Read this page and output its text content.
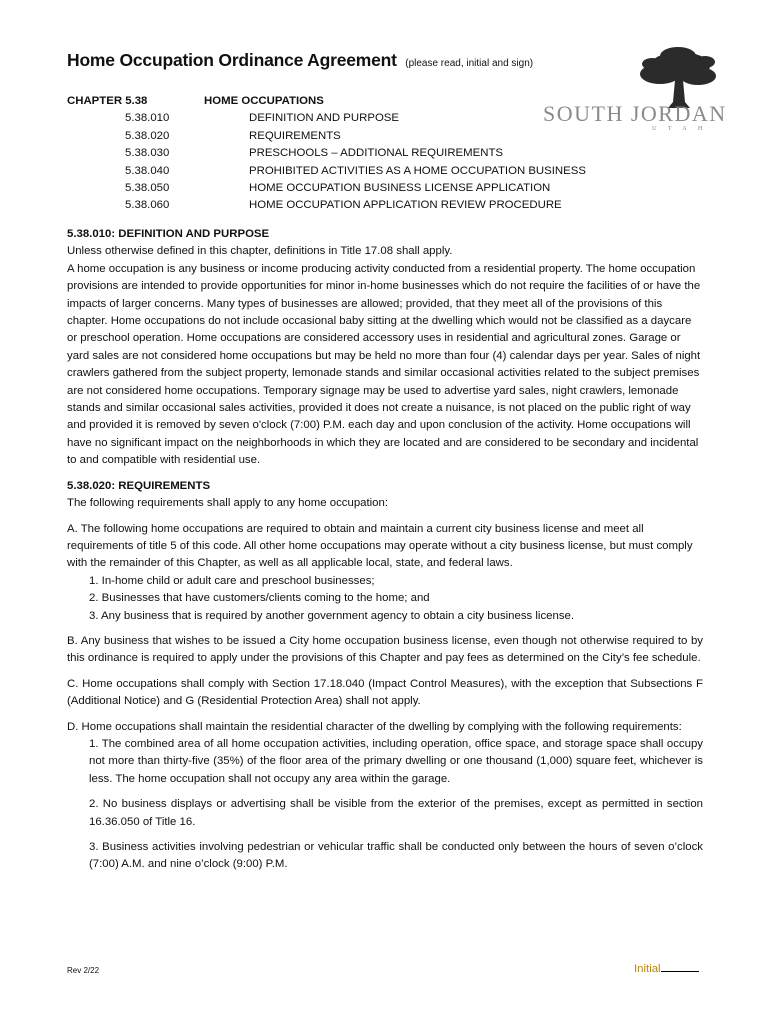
Home Occupation Ordinance Agreement (please read, initial and sign)
SOUTH JORDAN
UTAH
CHAPTER 5.38	HOME OCCUPATIONS
5.38.010	DEFINITION AND PURPOSE
5.38.020	REQUIREMENTS
5.38.030	PRESCHOOLS – ADDITIONAL REQUIREMENTS
5.38.040	PROHIBITED ACTIVITIES AS A HOME OCCUPATION BUSINESS
5.38.050	HOME OCCUPATION BUSINESS LICENSE APPLICATION
5.38.060	HOME OCCUPATION APPLICATION REVIEW PROCEDURE

5.38.010: DEFINITION AND PURPOSE

Unless otherwise defined in this chapter, definitions in Title 17.08 shall apply.

A home occupation is any business or income producing activity conducted from a residential property. The home occupation provisions are intended to provide opportunities for minor in-home businesses which do not require the facilities of or have the impacts of larger concerns. Many types of businesses are allowed; provided, that they meet all of the provisions of this chapter. Home occupations do not include occasional baby sitting at the dwelling which would not be classified as a daycare or preschool operation. Home occupations are considered accessory uses in residential and agricultural zones. Garage or yard sales are not considered home occupations but may be held no more than four (4) calendar days per year. Sales of night crawlers gathered from the subject property, lemonade stands and similar occasional activities related to the subject premises are not considered home occupations. Temporary signage may be used to advertise yard sales, night crawlers, lemonade stands and similar occasional sales activities, provided it does not create a nuisance, is not placed on the public right of way and provided it is removed by seven o'clock (7:00) P.M. each day and upon conclusion of the activity. Home occupations will have no significant impact on the neighborhoods in which they are located and are considered to be secondary and incidental to and compatible with residential use.

5.38.020: REQUIREMENTS

The following requirements shall apply to any home occupation:

A. The following home occupations are required to obtain and maintain a current city business license and meet all requirements of title 5 of this code. All other home occupations may operate without a city business license, but must comply with the remainder of this Chapter, as well as all applicable local, state, and federal laws.

1. In-home child or adult care and preschool businesses;

2. Businesses that have customers/clients coming to the home; and

3. Any business that is required by another government agency to obtain a city business license.

B. Any business that wishes to be issued a City home occupation business license, even though not otherwise required to by this ordinance is required to apply under the provisions of this Chapter and pay fees as determined on the City’s fee schedule.

C. Home occupations shall comply with Section 17.18.040 (Impact Control Measures), with the exception that Subsections F (Additional Notice) and G (Residential Protection Area) shall not apply.

D. Home occupations shall maintain the residential character of the dwelling by complying with the following requirements:

1. The combined area of all home occupation activities, including operation, office space, and storage space shall occupy not more than thirty-five (35%) of the floor area of the primary dwelling or one thousand (1,000) square feet, whichever is less. The home occupation shall not occupy any area within the garage.

2. No business displays or advertising shall be visible from the exterior of the premises, except as permitted in section 16.36.050 of Title 16.

3. Business activities involving pedestrian or vehicular traffic shall be conducted only between the hours of seven o’clock (7:00) A.M. and nine o’clock (9:00) P.M.

Rev 2/22	Initial
